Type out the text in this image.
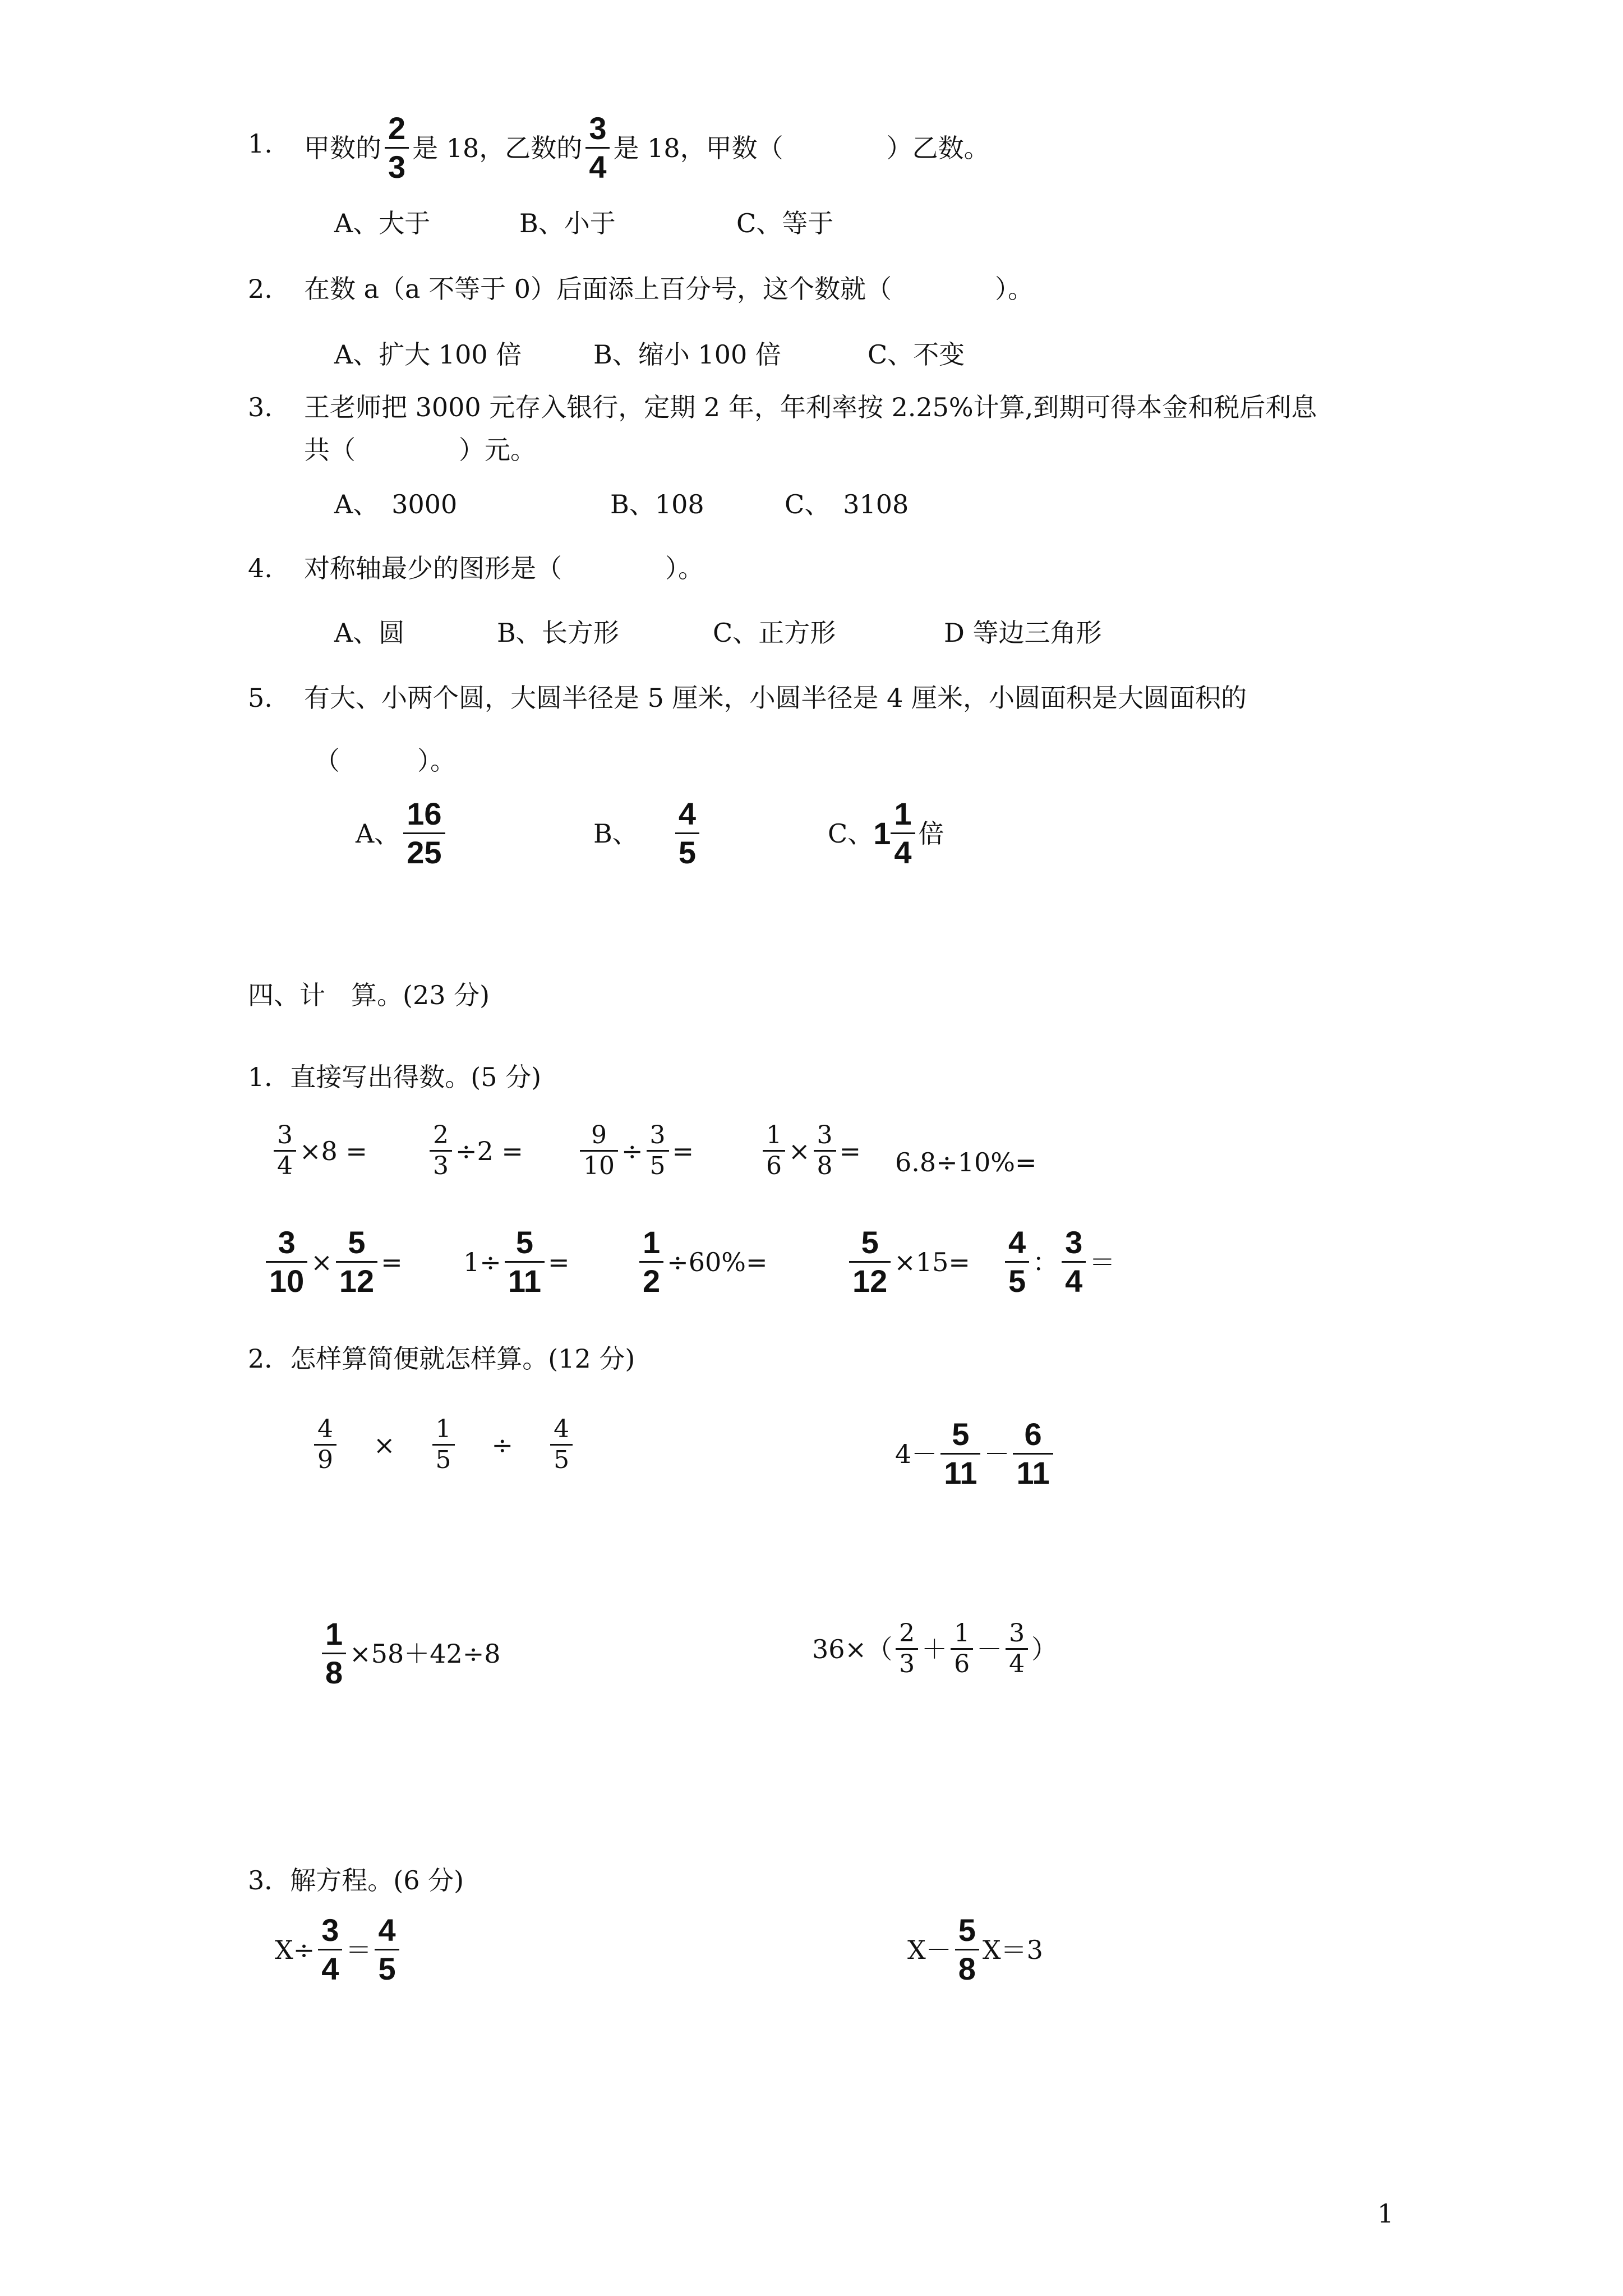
1. 甲数的
2
3
是 18，乙数的
3
4
是 18，甲数（　　　　）乙数。
A、大于	B、小于	C、等于
2. 在数 a（a 不等于 0）后面添上百分号，这个数就（　　　　）。
A、扩大 100 倍	B、缩小 100 倍	C、不变
3. 王老师把 3000 元存入银行，定期 2 年，年利率按 2.25%计算,到期可得本金和税后利息
共（　　　　）元。
A、　3000	B、108	C、　3108
4. 对称轴最少的图形是（　　　　）。
A、圆	B、长方形	C、正方形	D 等边三角形
5. 有大、小两个圆，大圆半径是 5 厘米，小圆半径是 4 厘米，小圆面积是大圆面积的
（　　　）。
A、
16
25
B、
4
5
C、 1
1
4
倍
四、计　算。(23 分)
1．直接写出得数。(5 分)
3
4 ×8 =
2
3 ÷2 =
9
10 ÷
3
5 =
1
6 ×
3
8 = 6.8÷10%=
3
10
×
5
12
= 1÷
5
11
=
1
2
÷60%=
5
12
×15=
4
5
：
3
4
＝
2．怎样算简便就怎样算。(12 分)
4
9 ×
1
5 ÷
4
5	4－
5
11
－
6
11
1
8
×58＋42÷8	36×（
2
3 ＋
1
6 －
3
4 ）
3．解方程。(6 分)
X÷
3
4
＝
4
5
X－
5
8
X＝3
1
